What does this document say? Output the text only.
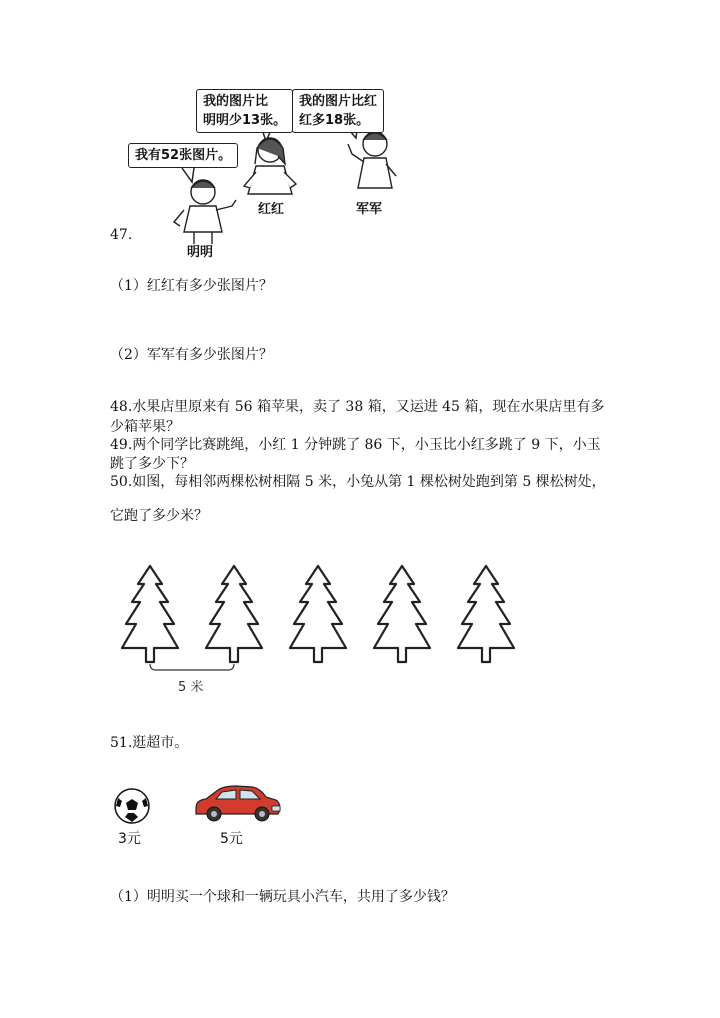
我有52张图片。
我的图片比
明明少13张。
我的图片比红
红多18张。
明明
红红	军军
47.
（1）红红有多少张图片？
（2）军军有多少张图片？
48.水果店里原来有 56 箱苹果，卖了 38 箱，又运进 45 箱，现在水果店里有多
少箱苹果？
49.两个同学比赛跳绳，小红 1 分钟跳了 86 下，小玉比小红多跳了 9 下，小玉
跳了多少下？
50.如图，每相邻两棵松树相隔 5 米，小兔从第 1 棵松树处跑到第 5 棵松树处，
它跑了多少米？
5 米
51.逛超市。
3元	5元
（1）明明买一个球和一辆玩具小汽车，共用了多少钱？
